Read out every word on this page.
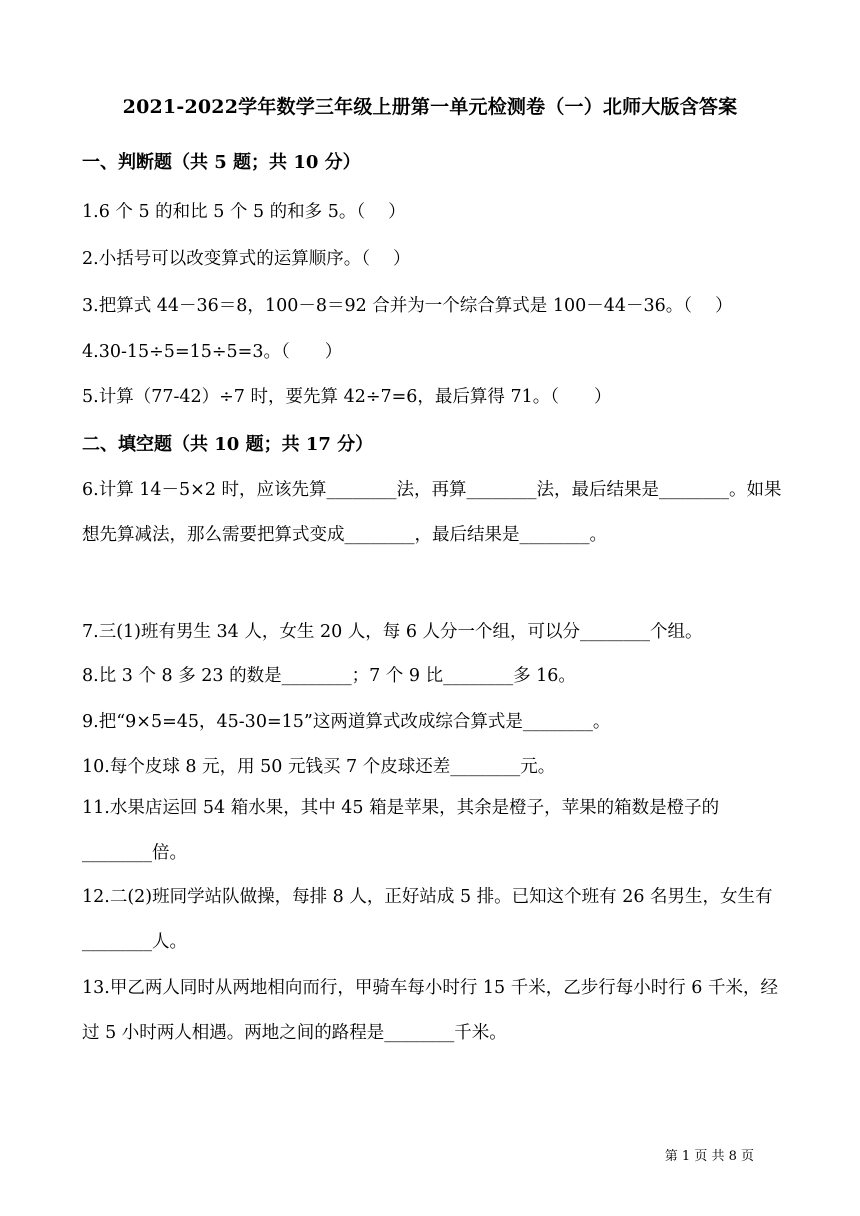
2021-2022学年数学三年级上册第一单元检测卷（一）北师大版含答案
一、判断题（共 5 题；共 10 分）
1.6 个 5 的和比 5 个 5 的和多 5。（　 ）
2.小括号可以改变算式的运算顺序。（　 ）
3.把算式 44－36＝8，100－8＝92 合并为一个综合算式是 100－44－36。（　 ）
4.30-15÷5=15÷5=3。（　　）
5.计算（77-42）÷7 时，要先算 42÷7=6，最后算得 71。（　　）
二、填空题（共 10 题；共 17 分）
6.计算 14－5×2 时，应该先算________法，再算________法，最后结果是________。如果想先算减法，那么需要把算式变成________，最后结果是________。
7.三(1)班有男生 34 人，女生 20 人，每 6 人分一个组，可以分________个组。
8.比 3 个 8 多 23 的数是________；7 个 9 比________多 16。
9.把“9×5=45，45-30=15”这两道算式改成综合算式是________。
10.每个皮球 8 元，用 50 元钱买 7 个皮球还差________元。
11.水果店运回 54 箱水果，其中 45 箱是苹果，其余是橙子，苹果的箱数是橙子的________倍。
12.二(2)班同学站队做操，每排 8 人，正好站成 5 排。已知这个班有 26 名男生，女生有________人。
13.甲乙两人同时从两地相向而行，甲骑车每小时行 15 千米，乙步行每小时行 6 千米，经过 5 小时两人相遇。两地之间的路程是________千米。
第 1 页 共 8 页
